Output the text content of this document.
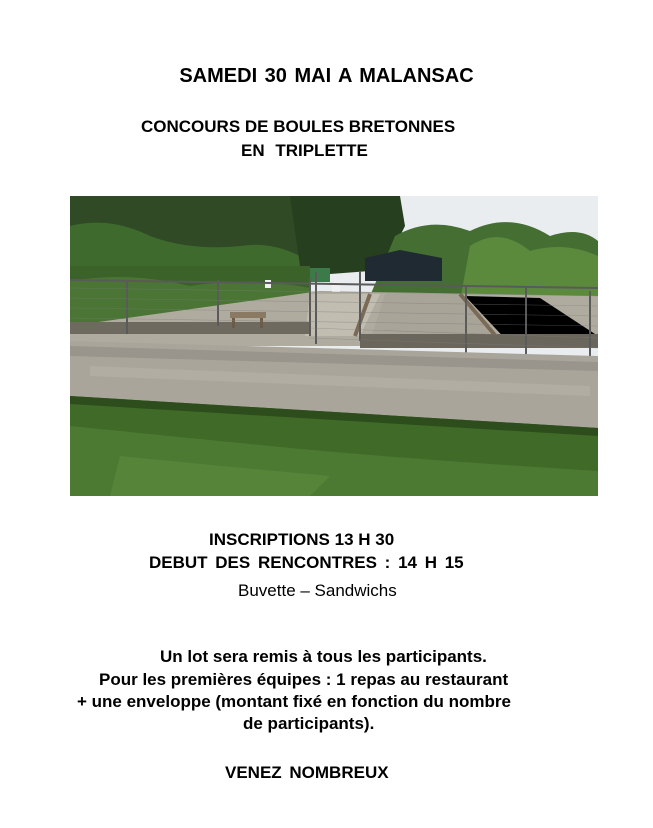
SAMEDI 30 MAI A MALANSAC
CONCOURS DE BOULES BRETONNES
EN TRIPLETTE
INSCRIPTIONS 13 H 30
DEBUT DES RENCONTRES : 14 H 15
Buvette – Sandwichs
Un lot sera remis à tous les participants.
Pour les premières équipes : 1 repas au restaurant
+ une enveloppe (montant fixé en fonction du nombre
de participants).
VENEZ NOMBREUX
